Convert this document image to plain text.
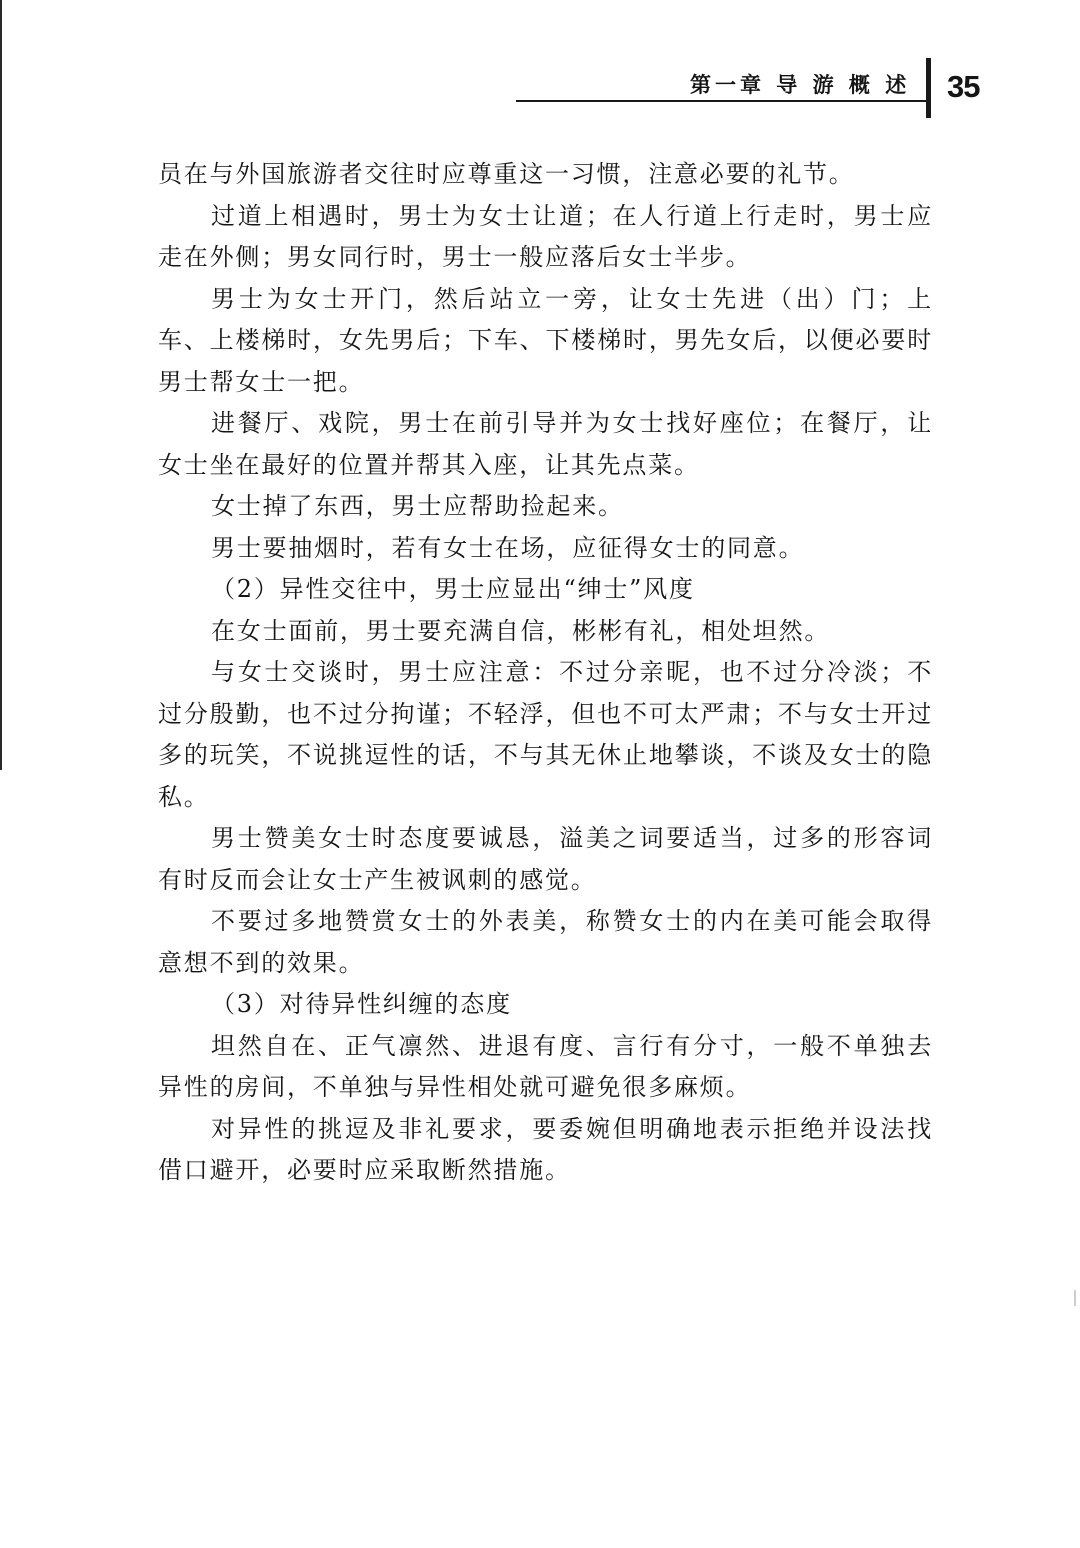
第一章 导 游 概 述 35

员在与外国旅游者交往时应尊重这一习惯，注意必要的礼节。

过道上相遇时，男士为女士让道；在人行道上行走时，男士应走在外侧；男女同行时，男士一般应落后女士半步。

男士为女士开门，然后站立一旁，让女士先进（出）门；上车、上楼梯时，女先男后；下车、下楼梯时，男先女后，以便必要时男士帮女士一把。

进餐厅、戏院，男士在前引导并为女士找好座位；在餐厅，让女士坐在最好的位置并帮其入座，让其先点菜。

女士掉了东西，男士应帮助捡起来。

男士要抽烟时，若有女士在场，应征得女士的同意。

（2）异性交往中，男士应显出“绅士”风度

在女士面前，男士要充满自信，彬彬有礼，相处坦然。

与女士交谈时，男士应注意：不过分亲昵，也不过分冷淡；不过分殷勤，也不过分拘谨；不轻浮，但也不可太严肃；不与女士开过多的玩笑，不说挑逗性的话，不与其无休止地攀谈，不谈及女士的隐私。

男士赞美女士时态度要诚恳，溢美之词要适当，过多的形容词有时反而会让女士产生被讽刺的感觉。

不要过多地赞赏女士的外表美，称赞女士的内在美可能会取得意想不到的效果。

（3）对待异性纠缠的态度

坦然自在、正气凛然、进退有度、言行有分寸，一般不单独去异性的房间，不单独与异性相处就可避免很多麻烦。

对异性的挑逗及非礼要求，要委婉但明确地表示拒绝并设法找借口避开，必要时应采取断然措施。
